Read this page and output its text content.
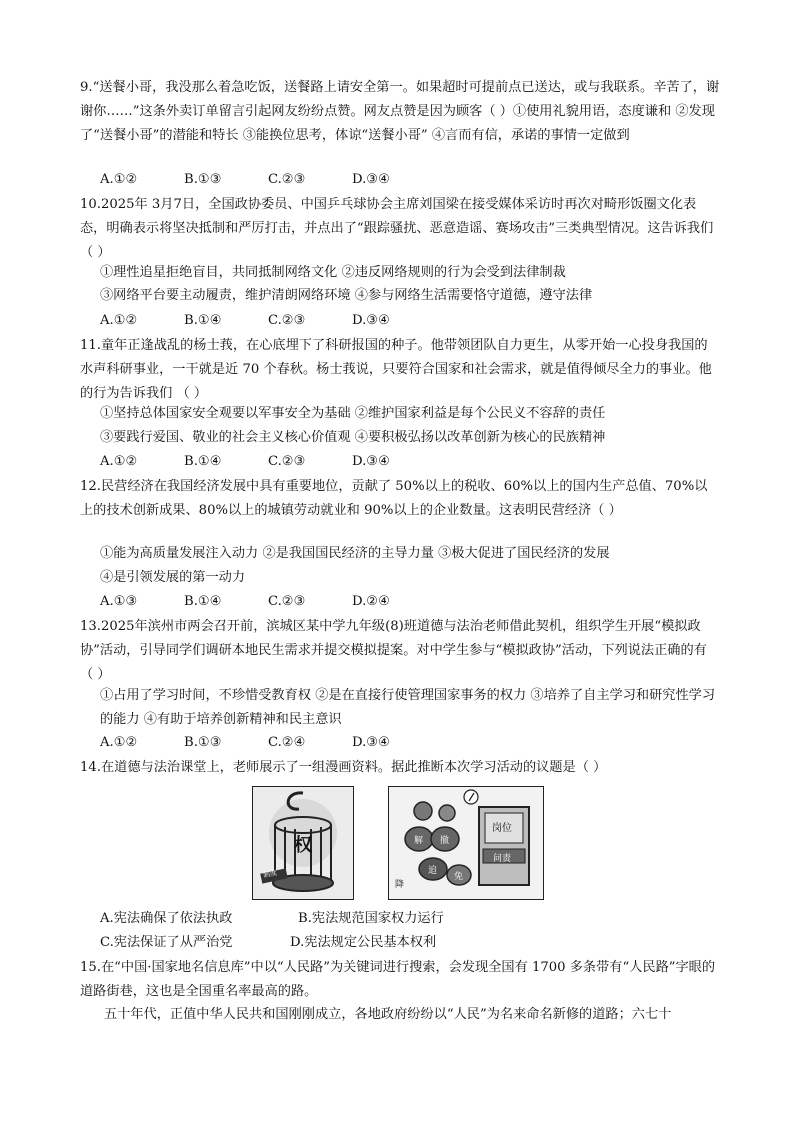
9.“送餐小哥，我没那么着急吃饭，送餐路上请安全第一。如果超时可提前点已送达，或与我联系。辛苦了，谢谢你……”这条外卖订单留言引起网友纷纷点赞。网友点赞是因为顾客（ ）①使用礼貌用语，态度谦和 ②发现了“送餐小哥”的潜能和特长 ③能换位思考，体谅“送餐小哥” ④言而有信，承诺的事情一定做到

A.①②	B.①③	C.②③	D.③④

10.2025年 3月7日，全国政协委员、中国乒乓球协会主席刘国梁在接受媒体采访时再次对畸形饭圈文化表态，明确表示将坚决抵制和严厉打击，并点出了“跟踪骚扰、恶意造谣、赛场攻击”三类典型情况。这告诉我们 （ ）

①理性追星拒绝盲目，共同抵制网络文化 ②违反网络规则的行为会受到法律制裁
③网络平台要主动履责，维护清朗网络环境 ④参与网络生活需要恪守道德，遵守法律
A.①②	B.①④	C.②③	D.③④

11.童年正逢战乱的杨士莪，在心底埋下了科研报国的种子。他带领团队自力更生，从零开始一心投身我国的水声科研事业，一干就是近 70 个春秋。杨士莪说，只要符合国家和社会需求，就是值得倾尽全力的事业。他的行为告诉我们 （ ）

①坚持总体国家安全观要以军事安全为基础 ②维护国家利益是每个公民义不容辞的责任
③要践行爱国、敬业的社会主义核心价值观 ④要积极弘扬以改革创新为核心的民族精神
A.①②	B.①④	C.②③	D.③④

12.民营经济在我国经济发展中具有重要地位，贡献了 50%以上的税收、60%以上的国内生产总值、70%以上的技术创新成果、80%以上的城镇劳动就业和 90%以上的企业数量。这表明民营经济（ ）

①能为高质量发展注入动力 ②是我国国民经济的主导力量 ③极大促进了国民经济的发展
④是引领发展的第一动力
A.①③	B.①④	C.②③	D.②④

13.2025年滨州市两会召开前，滨城区某中学九年级(8)班道德与法治老师借此契机，组织学生开展“模拟政协”活动，引导同学们调研本地民生需求并提交模拟提案。对中学生参与“模拟政协”活动，下列说法正确的有 （ ）

①占用了学习时间，不珍惜受教育权 ②是在直接行使管理国家事务的权力 ③培养了自主学习和研究性学习的能力 ④有助于培养创新精神和民主意识

A.①②	B.①③	C.②④	D.③④

14.在道德与法治课堂上，老师展示了一组漫画资料。据此推断本次学习活动的议题是（ ）

权
制度
岗位
问责
解 撤
追
免
降
A.宪法确保了依法执政	B.宪法规范国家权力运行
C.宪法保证了从严治党	D.宪法规定公民基本权利

15.在“中国·国家地名信息库”中以“人民路”为关键词进行搜索，会发现全国有 1700 多条带有“人民路”字眼的道路街巷，这也是全国重名率最高的路。

五十年代，正值中华人民共和国刚刚成立，各地政府纷纷以“人民”为名来命名新修的道路；六七十
